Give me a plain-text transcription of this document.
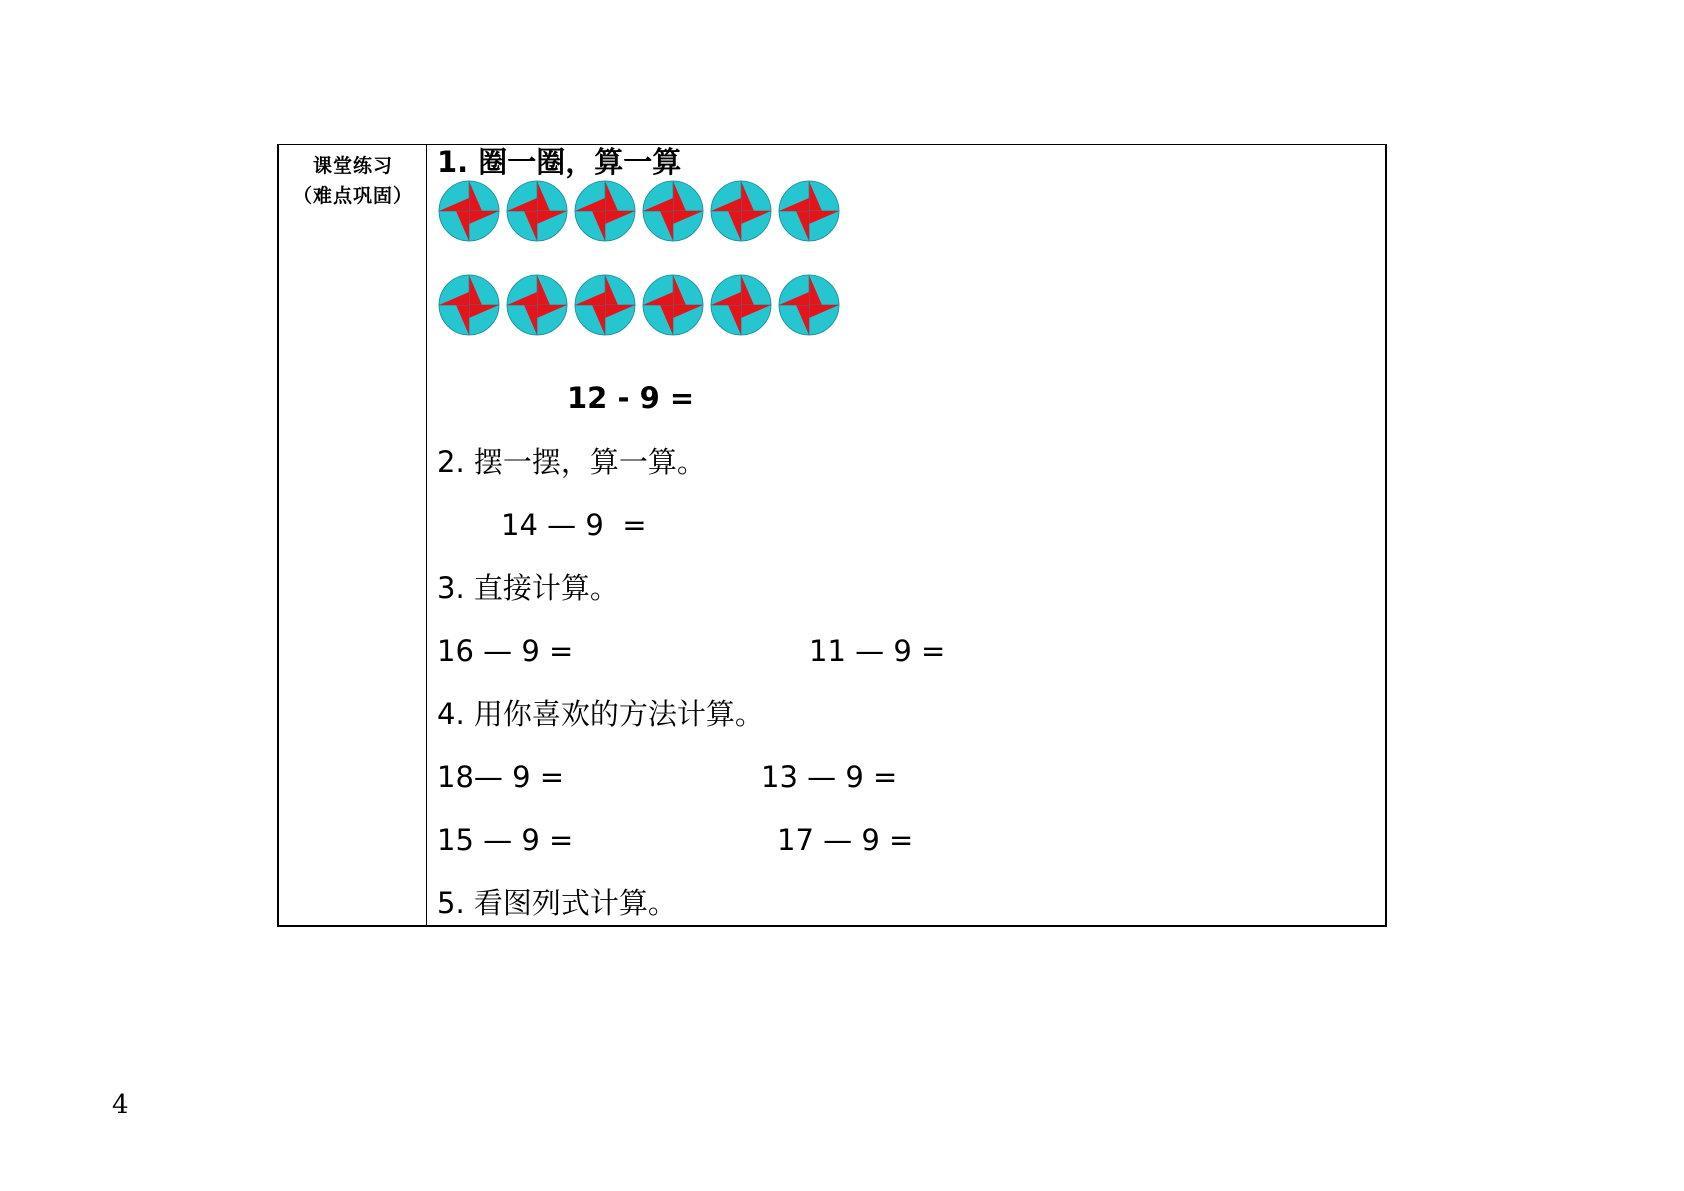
课堂练习
（难点巩固）
1. 圈一圈，算一算
12 - 9 =
2. 摆一摆，算一算。
14 — 9  =
3. 直接计算。
16 — 9 =	11 — 9 =
4. 用你喜欢的方法计算。
18— 9 =	13 — 9 =
15 — 9 =	17 — 9 =
5. 看图列式计算。
4
